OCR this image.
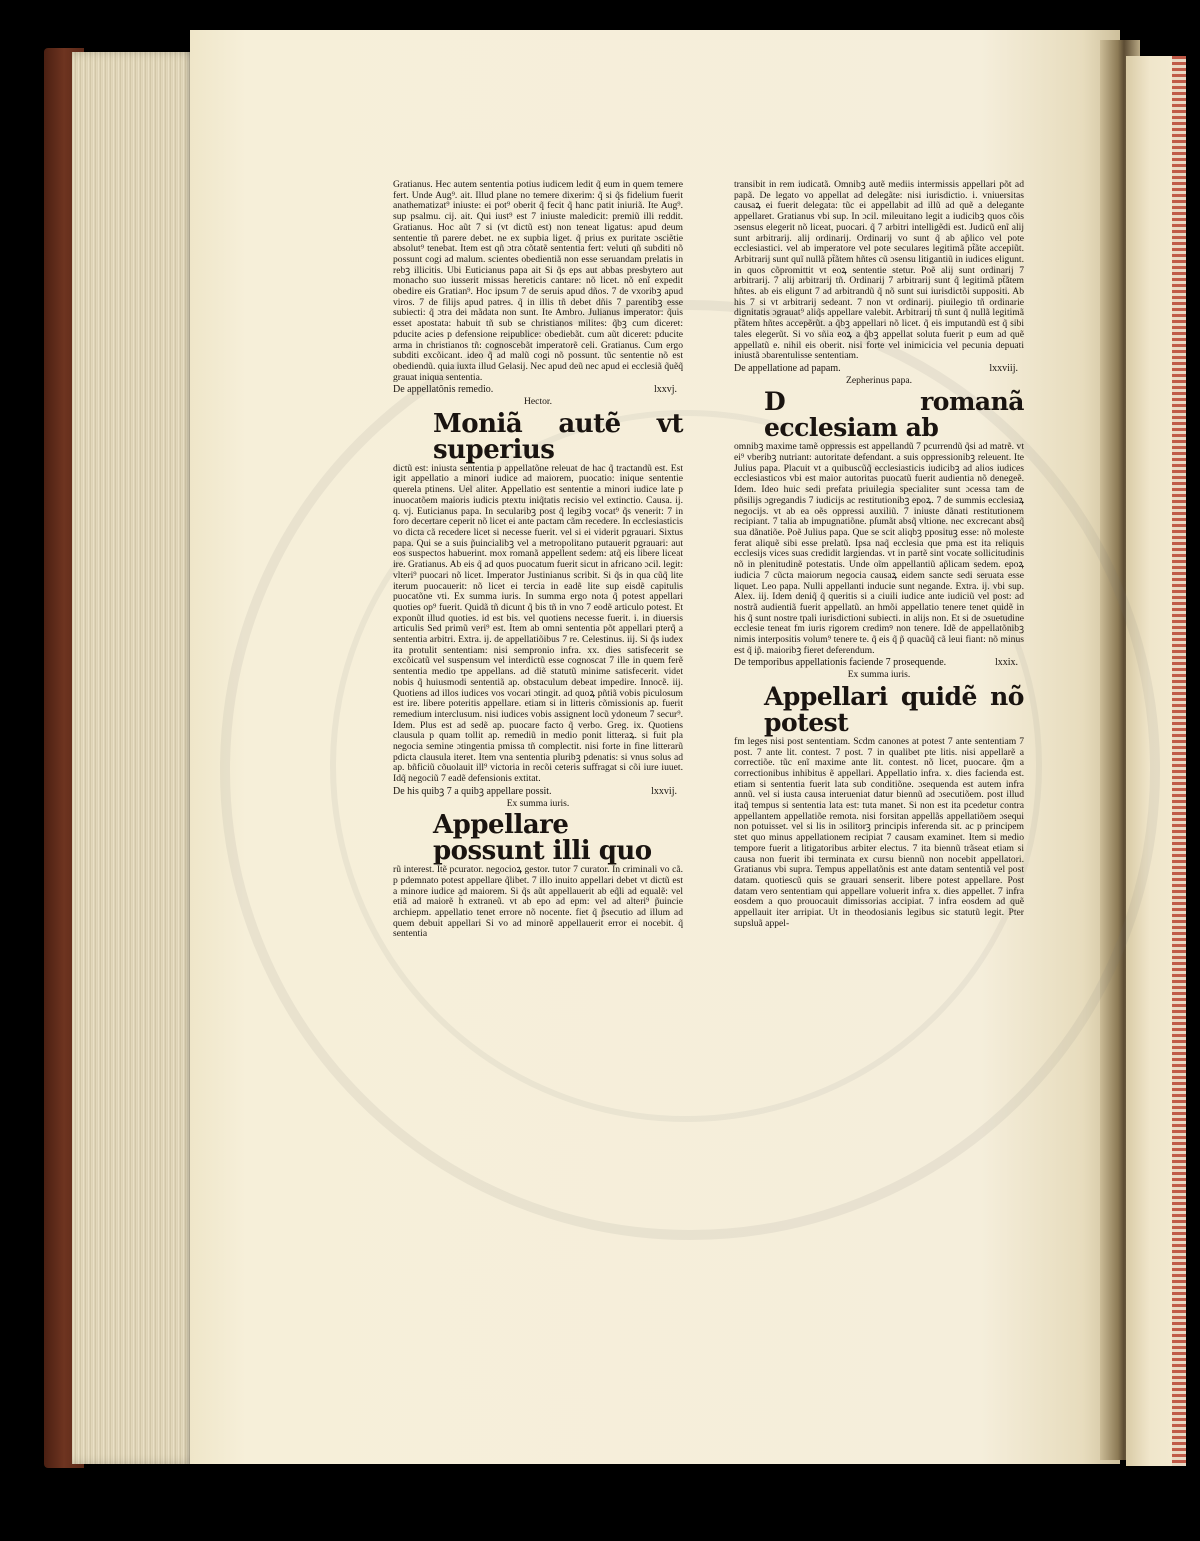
Gratianus. Hec autem sententia potius iudicem ledit q̃ eum in quem temere fert. Unde Aug⁹. ait. Illud plane no temere dixerim: q̃ si q̃s fidelium fuerit anathematizat⁹ iniuste: ei pot⁹ oberit q̃ fecit q̃ hanc patit iniuriã. Ite Aug⁹. sup psalmu. cij. ait. Qui iust⁹ est 7 iniuste maledicit: premiũ illi reddit. Gratianus. Hoc aũt 7 si (vt dictũ est) non teneat ligatus: apud deum sententie tñ parere debet. ne ex supbia liget. q̃ prius ex puritate ɔsciẽtie absolut⁹ tenebat. Item est qñ ɔtra cõtatẽ sententia fert: veluti qñ subditi nõ possunt cogi ad malum. scientes obedientiã non esse seruandam prelatis in rebꝫ illicitis. Ubi Euticianus papa ait Si q̃s eps aut abbas presbytero aut monacho suo iusserit missas hereticis cantare: nõ licet. nõ enĩ expedit obedire eis Gratian⁹. Hoc ipsum 7 de seruis apud dños. 7 de vxoribꝫ apud viros. 7 de filijs apud patres. q̃ in illis tñ debet dñis 7 parentibꝫ esse subiecti: q̃ ɔtra dei mãdata non sunt. Ite Ambro. Julianus imperator: q̃uis esset apostata: habuit tñ sub se christianos milites: q̃bꝫ cum diceret: pducite acies p defensione reipublice: obediebãt. cum aũt diceret: pducite arma in christianos tñ: cognoscebãt imperatorẽ celi. Gratianus. Cum ergo subditi excõicant. ideo q̃ ad malũ cogi nõ possunt. tũc sententie nõ est obediendũ. quia iuxta illud Gelasij. Nec apud deũ nec apud ei ecclesiã q̃uẽq̃ grauat iniqua sententia.

De appellatõnis remedio.	lxxvj.
Hector.
Moniã autẽ vt superius

dictũ est: iniusta sententia p appellatõne releuat de hac q̃ tractandũ est. Est igit appellatio a minori iudice ad maiorem, puocatio: inique sententie querela ptinens. Uel aliter. Appellatio est sententie a minori iudice late p inuocatõem maioris iudicis ptextu iniq̃tatis recisio vel extinctio. Causa. ij. q. vj. Euticianus papa. In secularibꝫ post q̃ legibꝫ vocat⁹ q̃s venerit: 7 in foro decertare ceperit nõ licet ei ante pactam cãm recedere. In ecclesiasticis vo dicta cã recedere licet si necesse fuerit. vel si ei viderit pgrauari. Sixtus papa. Qui se a suis p̃uincialibꝫ vel a metropolitano putauerit pgrauari: aut eos suspectos habuerint. mox romanã appellent sedem: atq̃ eis libere liceat ire. Gratianus. Ab eis q̃ ad quos puocatum fuerit sicut in africano ɔcil. legit: vlteri⁹ puocari nõ licet. Imperator Justinianus scribit. Si q̃s in qua cũq̃ lite iterum puocauerit: nõ licet ei tercia in eadẽ lite sup eisdẽ capitulis puocatõne vti. Ex summa iuris. In summa ergo nota q̃ potest appellari quoties op⁹ fuerit. Quidã tñ dicunt q̃ bis tñ in vno 7 eodẽ articulo potest. Et exponũt illud quoties. id est bis. vel quotiens necesse fuerit. i. in diuersis articulis Sed primũ veri⁹ est. Item ab omni sententia põt appellari pterq̃ a sententia arbitri. Extra. ij. de appellatiõibus 7 re. Celestinus. iij. Si q̃s iudex ita protulit sententiam: nisi sempronio infra. xx. dies satisfecerit se excõicatũ vel suspensum vel interdictũ esse cognoscat 7 ille in quem ferẽ sententia medio tpe appellans. ad diẽ statutũ minime satisfecerit. videt nobis q̃ huiusmodi sententiã ap. obstaculum debeat impedire. Innocẽ. iij. Quotiens ad illos iudices vos vocari ɔtingit. ad quoꝝ pñtiã vobis piculosum est ire. libere poteritis appellare. etiam si in litteris cõmissionis ap. fuerit remedium interclusum. nisi iudices vobis assignent locũ ydoneum 7 secur⁹. Idem. Plus est ad sedẽ ap. puocare facto q̃ verbo. Greg. ix. Quotiens clausula p quam tollit ap. remediũ in medio ponit litteraꝝ. si fuit pla negocia semine ɔtingentia pmissa tñ complectit. nisi forte in fine litterarũ pdicta clausula iteret. Item vna sententia pluribꝫ pdenatis: si vnus solus ad ap. bñficiũ cõuolauit ill⁹ victoria in recõi ceteris suffragat si cõi iure iuuet. Idq̃ negociũ 7 eadẽ defensionis extitat.

De his quibꝫ 7 a quibꝫ appellare possit.	lxxvij.
Ex summa iuris.
Appellare possunt illi quo

rũ interest. Itẽ pcurator. negocioꝝ gestor. tutor 7 curator. In criminali vo cã. p pdemnato potest appellare q̃libet. 7 illo inuito appellari debet vt dictũ est a minore iudice ad maiorem. Si q̃s aũt appellauerit ab eq̃li ad equalẽ: vel etiã ad maiorẽ h̃ extraneũ. vt ab epo ad epm: vel ad alteri⁹ p̃uincie archiepm. appellatio tenet errore nõ nocente. fiet q̃ p̃secutio ad illum ad quem debuit appellari Si vo ad minorẽ appellauerit error ei nocebit. q̃ sententia

transibit in rem iudicatã. Omnibꝫ autẽ mediis intermissis appellari põt ad papã. De legato vo appellat ad delegãte: nisi iurisdictio. i. vniuersitas causaꝝ ei fuerit delegata: tũc ei appellabit ad illũ ad quẽ a delegante appellaret. Gratianus vbi sup. In ɔcil. mileuitano legit a iudicibꝫ quos cõis ɔsensus elegerit nõ liceat, puocari. q̃ 7 arbitri intelligẽdi est. Judicũ enĩ alij sunt arbitrarij. alij ordinarij. Ordinarij vo sunt q̃ ab ap̃lico vel pote ecclesiastici. vel ab imperatore vel pote seculares legitimã pt̃ãte accepiũt. Arbitrarij sunt quĩ nullã pt̃ãtem hñtes cũ ɔsensu litigantiũ in iudices eligunt. in quos cõpromittit vt eoꝝ sententie stetur. Poẽ alij sunt ordinarij 7 arbitrarij. 7 alij arbitrarij tñ. Ordinarij 7 arbitrarij sunt q̃ legitimã pt̃ãtem hñtes. ab eis eligunt 7 ad arbitrandũ q̃ nõ sunt sui iurisdictõi suppositi. Ab his 7 si vt arbitrarij sedeant. 7 non vt ordinarij. piuilegio tñ ordinarie dignitatis ɔgrauat⁹ aliq̃s appellare valebit. Arbitrarij tñ sunt q̃ nullã legitimã pt̃ãtem hñtes accepẽrũt. a q̃bꝫ appellari nõ licet. q̃ eis imputandũ est q̃ sibi tales elegerũt. Si vo sñia eoꝝ a q̃bꝫ appellat soluta fuerit p eum ad quẽ appellatũ e. nihil eis oberit. nisi forte vel inimicicia vel pecunia depuati iniustã ɔbarentulisse sententiam.

De appellatione ad papam.	lxxviij.
Zepherinus papa.
D romanã ecclesiam ab

omnibꝫ maxime tamẽ oppressis est appellandũ 7 pcurrendũ q̃si ad matrẽ. vt ei⁹ vberibꝫ nutriant: autoritate defendant. a suis oppressionibꝫ releuent. Ite Julius papa. Placuit vt a quibuscũq̃ ecclesiasticis iudicibꝫ ad alios iudices ecclesiasticos vbi est maior autoritas puocatũ fuerit audientia nõ denegeẽ. Idem. Ideo huic sedi prefata priuilegia specialiter sunt ɔcessa tam de pñsilijs ɔgregandis 7 iudicijs ac restitutionibꝫ epoꝝ. 7 de summis ecclesiaꝝ negocijs. vt ab ea oẽs oppressi auxiliũ. 7 iniuste dãnati restitutionem recipiant. 7 talia ab impugnatiõne. pſumãt absq̃ vltione. nec excrecant absq̃ sua dãnatiõe. Poẽ Julius papa. Que se scit aliqbꝫ pposituꝫ esse: nõ moleste ferat aliquẽ sibi esse prelatũ. Ipsa naq̃ ecclesia que pma est ita reliquis ecclesijs vices suas credidit largiendas. vt in partẽ sint vocate sollicitudinis nõ in plenitudinẽ potestatis. Unde oĩm appellantiũ ap̃licam sedem. epoꝝ iudicia 7 cũcta maiorum negocia causaꝝ eidem sancte sedi seruata esse liquet. Leo papa. Nulli appellanti inducie sunt negande. Extra. ij. vbi sup. Alex. iij. Idem deniq̃ q̃ queritis si a ciuili iudice ante iudiciũ vel post: ad nostrã audientiã fuerit appellatũ. an hmõi appellatio tenere tenet quidẽ in his q̃ sunt nostre tpali iurisdictioni subiecti. in alijs non. Et si de ɔsuetudine ecclesie teneat fm iuris rigorem credimꝰ non tenere. Idẽ de appellatõnibꝫ nimis interpositis volum⁹ tenere te. q̃ eis q̃ p̃ quacũq̃ cã leui fiant: nõ minus est q̃ ip̃. maioribꝫ fieret deferendum.

De temporibus appellationis faciende 7 prosequende.	lxxix.
Ex summa iuris.
Appellari quidẽ nõ potest

fm leges nisi post sententiam. Scdm canones at potest 7 ante sententiam 7 post. 7 ante lit. contest. 7 post. 7 in qualibet pte litis. nisi appellarẽ a correctiõe. tũc enĩ maxime ante lit. contest. nõ licet, puocare. q̃m a correctionibus inhibitus ẽ appellari. Appellatio infra. x. dies facienda est. etiam si sententia fuerit lata sub conditiõne. ɔsequenda est autem infra annũ. vel si iusta causa interueniat datur biennũ ad ɔsecutiõem. post illud itaq̃ tempus si sententia lata est: tuta manet. Si non est ita pcedetur contra appellantem appellatiõe remota. nisi forsitan appellãs appellatiõem ɔsequi non potuisset. vel si lis in ɔsilitorꝫ principis inferenda sit. ac p principem stet quo minus appellationem recipiat 7 causam examinet. Item si medio tempore fuerit a litigatoribus arbiter electus. 7 ita biennũ trãseat etiam si causa non fuerit ibi terminata ex cursu biennũ non nocebit appellatori. Gratianus vbi supra. Tempus appellatõnis est ante datam sententiã vel post datam. quotiescũ quis se grauari senserit. libere potest appellare. Post datam vero sententiam qui appellare voluerit infra x. dies appellet. 7 infra eosdem a quo prouocauit dimissorias accipiat. 7 infra eosdem ad quẽ appellauit iter arripiat. Ut in theodosianis legibus sic statutũ legit. Pter supsluã appel-
